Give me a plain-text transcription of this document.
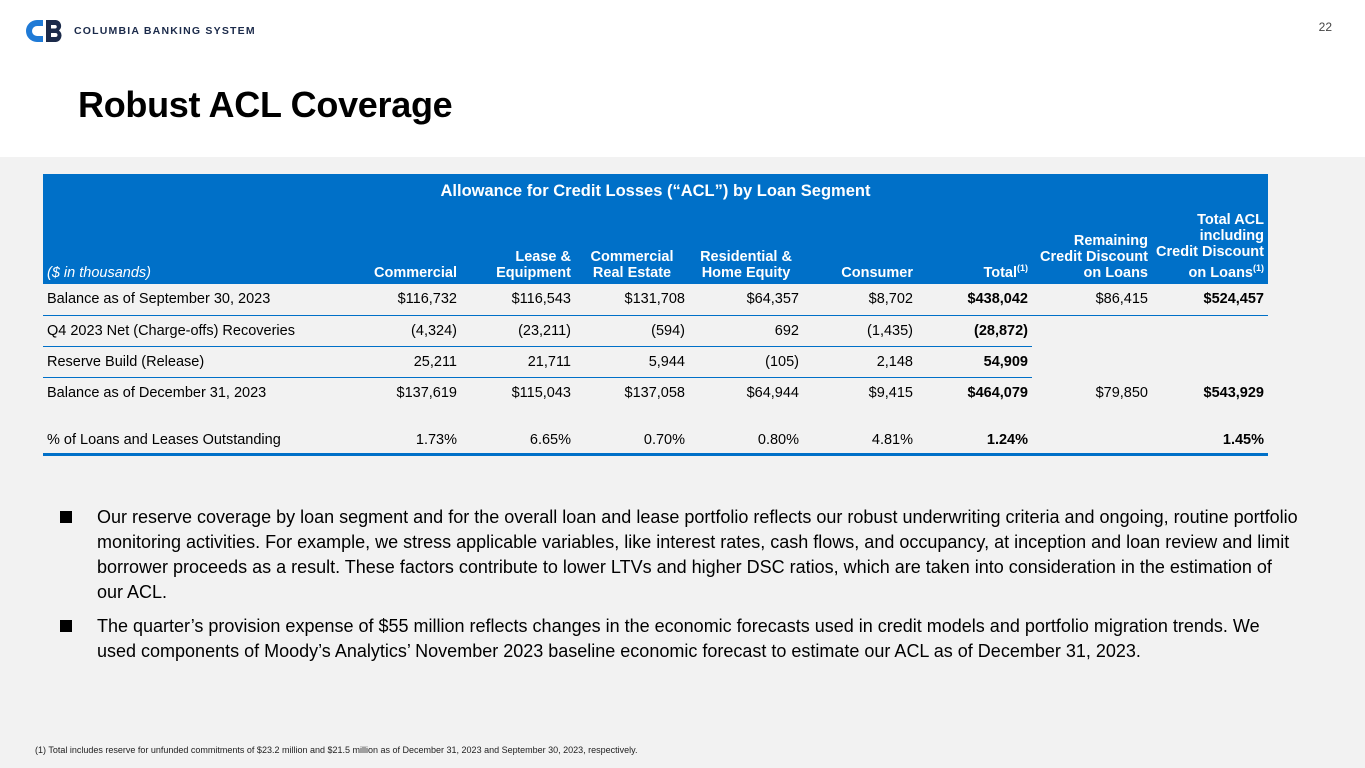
COLUMBIA BANKING SYSTEM	22
Robust ACL Coverage
Allowance for Credit Losses (“ACL”) by Loan Segment								
($ in thousands)	Commercial	Lease & Equipment	Commercial Real Estate	Residential & Home Equity	Consumer	Total$^{(1)}$	Remaining Credit Discount on Loans	Total ACL including Credit Discount on Loans$^{(1)}$
Balance as of September 30, 2023	$116,732	$116,543	$131,708	$64,357	$8,702	$438,042	$86,415	$524,457
Q4 2023 Net (Charge-offs) Recoveries	(4,324)	(23,211)	(594)	692	(1,435)	(28,872)		
Reserve Build (Release)	25,211	21,711	5,944	(105)	2,148	54,909		
Balance as of December 31, 2023	$137,619	$115,043	$137,058	$64,944	$9,415	$464,079	$79,850	$543,929
% of Loans and Leases Outstanding	1.73%	6.65%	0.70%	0.80%	4.81%	1.24%		1.45%
Our reserve coverage by loan segment and for the overall loan and lease portfolio reflects our robust underwriting criteria and ongoing, routine portfolio monitoring activities. For example, we stress applicable variables, like interest rates, cash flows, and occupancy, at inception and loan review and limit borrower proceeds as a result. These factors contribute to lower LTVs and higher DSC ratios, which are taken into consideration in the estimation of our ACL.
The quarter’s provision expense of $55 million reflects changes in the economic forecasts used in credit models and portfolio migration trends. We used components of Moody’s Analytics’ November 2023 baseline economic forecast to estimate our ACL as of December 31, 2023.
(1) Total includes reserve for unfunded commitments of $23.2 million and $21.5 million as of December 31, 2023 and September 30, 2023, respectively.
